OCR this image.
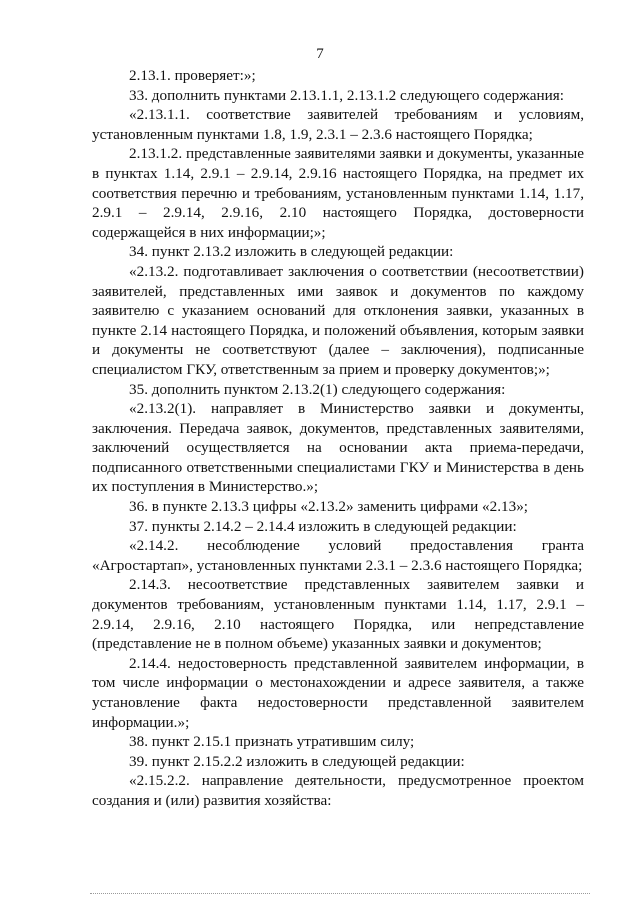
7

2.13.1. проверяет:»;

33. дополнить пунктами 2.13.1.1, 2.13.1.2 следующего содержания:

«2.13.1.1. соответствие заявителей требованиям и условиям, установленным пунктами 1.8, 1.9, 2.3.1 – 2.3.6 настоящего Порядка;

2.13.1.2. представленные заявителями заявки и документы, указанные в пунктах 1.14, 2.9.1 – 2.9.14, 2.9.16 настоящего Порядка, на предмет их соответствия перечню и требованиям, установленным пунктами 1.14, 1.17, 2.9.1 – 2.9.14, 2.9.16, 2.10 настоящего Порядка, достоверности содержащейся в них информации;»;

34. пункт 2.13.2 изложить в следующей редакции:

«2.13.2. подготавливает заключения о соответствии (несоответствии) заявителей, представленных ими заявок и документов по каждому заявителю с указанием оснований для отклонения заявки, указанных в пункте 2.14 настоящего Порядка, и положений объявления, которым заявки и документы не соответствуют (далее – заключения), подписанные специалистом ГКУ, ответственным за прием и проверку документов;»;

35. дополнить пунктом 2.13.2(1) следующего содержания:

«2.13.2(1). направляет в Министерство заявки и документы, заключения. Передача заявок, документов, представленных заявителями, заключений осуществляется на основании акта приема-передачи, подписанного ответственными специалистами ГКУ и Министерства в день их поступления в Министерство.»;

36. в пункте 2.13.3 цифры «2.13.2» заменить цифрами «2.13»;

37. пункты 2.14.2 – 2.14.4 изложить в следующей редакции:

«2.14.2. несоблюдение условий предоставления гранта «Агростартап», установленных пунктами 2.3.1 – 2.3.6 настоящего Порядка;

2.14.3. несоответствие представленных заявителем заявки и документов требованиям, установленным пунктами 1.14, 1.17, 2.9.1 – 2.9.14, 2.9.16, 2.10 настоящего Порядка, или непредставление (представление не в полном объеме) указанных заявки и документов;

2.14.4. недостоверность представленной заявителем информации, в том числе информации о местонахождении и адресе заявителя, а также установление факта недостоверности представленной заявителем информации.»;

38. пункт 2.15.1 признать утратившим силу;

39. пункт 2.15.2.2 изложить в следующей редакции:

«2.15.2.2. направление деятельности, предусмотренное проектом создания и (или) развития хозяйства:
